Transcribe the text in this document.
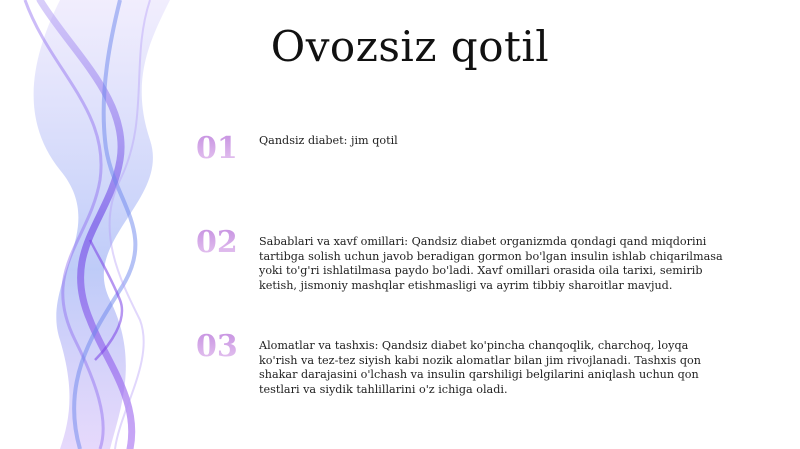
Ovozsiz qotil
01	Qandsiz diabet: jim qotil
02	Sabablari va xavf omillari: Qandsiz diabet organizmda qondagi qand miqdorini tartibga solish uchun javob beradigan gormon bo'lgan insulin ishlab chiqarilmasa yoki to'g'ri ishlatilmasa paydo bo'ladi. Xavf omillari orasida oila tarixi, semirib ketish, jismoniy mashqlar etishmasligi va ayrim tibbiy sharoitlar mavjud.
03	Alomatlar va tashxis: Qandsiz diabet ko'pincha chanqoqlik, charchoq, loyqa ko'rish va tez-tez siyish kabi nozik alomatlar bilan jim rivojlanadi. Tashxis qon shakar darajasini o'lchash va insulin qarshiligi belgilarini aniqlash uchun qon testlari va siydik tahlillarini o'z ichiga oladi.
